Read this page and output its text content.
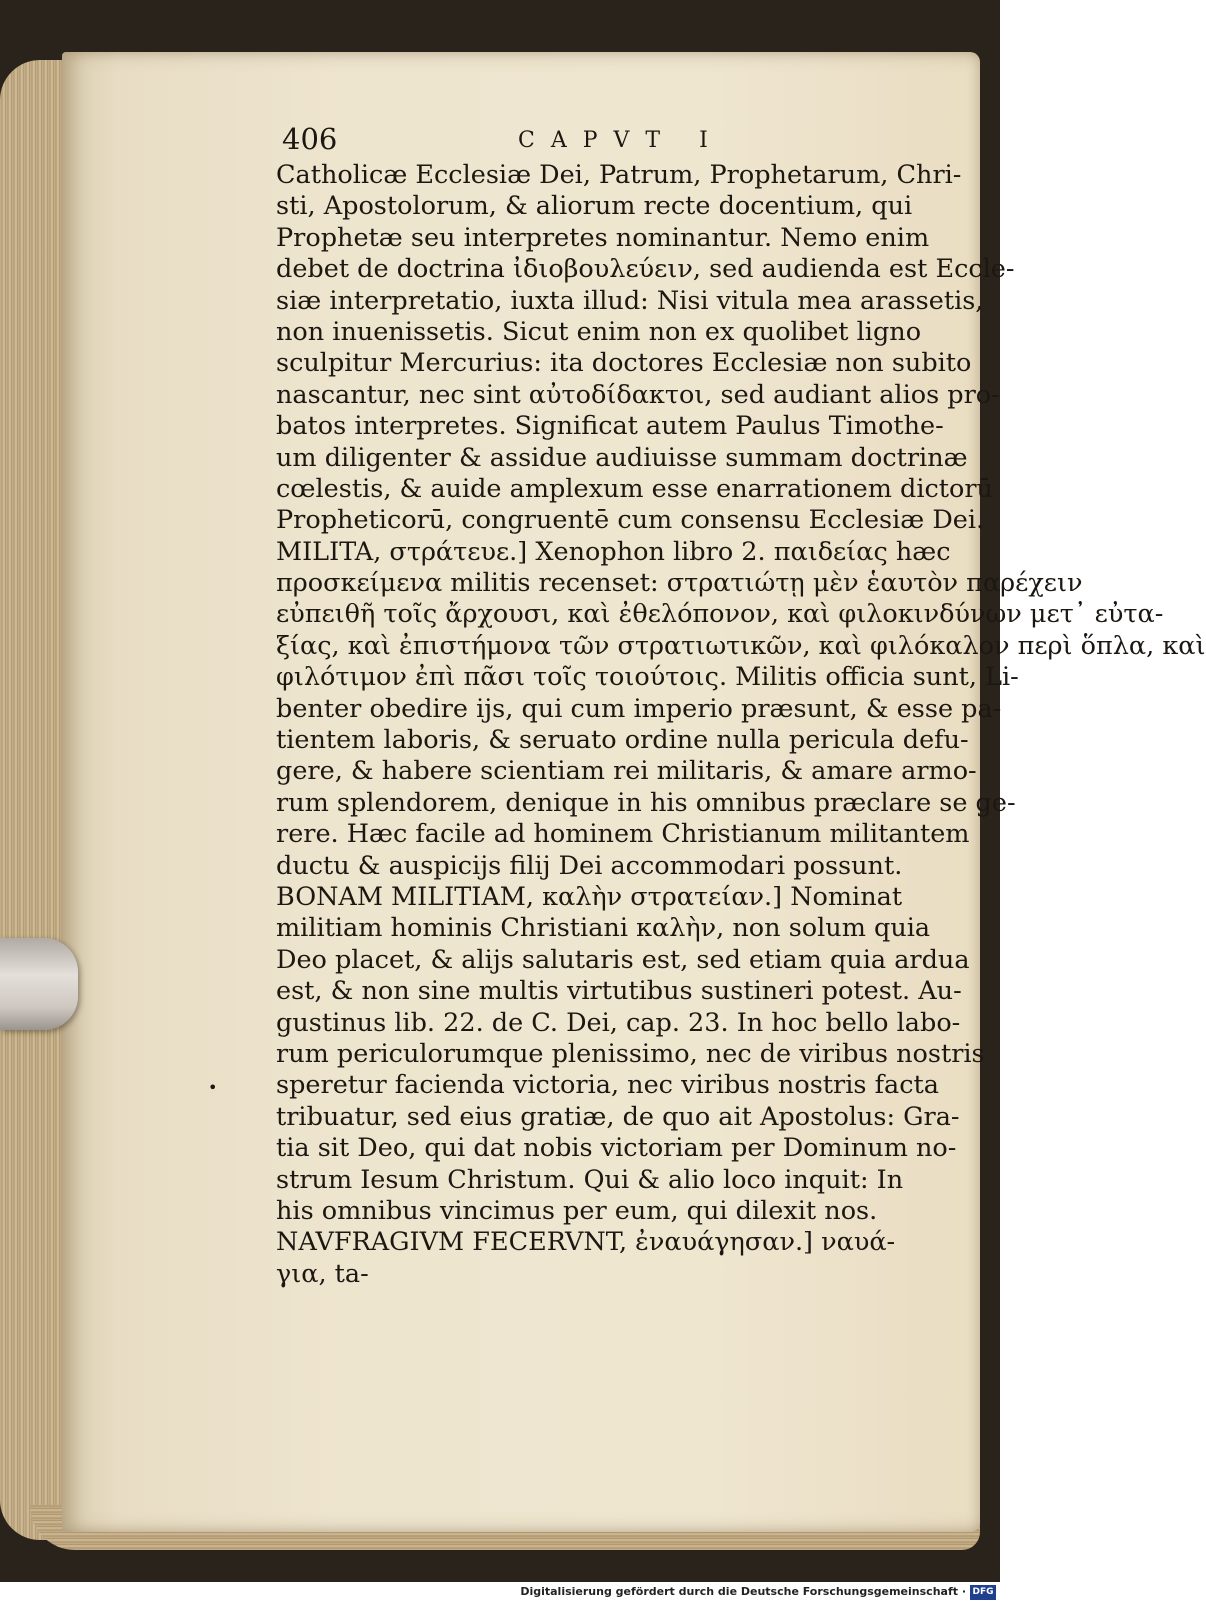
406	CAPVT I
•
Catholicæ Ecclesiæ Dei, Patrum, Prophetarum, Chri-
sti, Apostolorum, & aliorum recte docentium, qui
Prophetæ seu interpretes nominantur. Nemo enim
debet de doctrina ἰδιοβουλεύειν, sed audienda est Eccle-
siæ interpretatio, iuxta illud: Nisi vitula mea arassetis,
non inuenissetis. Sicut enim non ex quolibet ligno
sculpitur Mercurius: ita doctores Ecclesiæ non subito
nascantur, nec sint αὐτοδίδακτοι, sed audiant alios pro-
batos interpretes. Significat autem Paulus Timothe-
um diligenter & assidue audiuisse summam doctrinæ
cœlestis, & auide amplexum esse enarrationem dictorū
Propheticorū, congruentē cum consensu Ecclesiæ Dei.
MILITA, στράτευε.] Xenophon libro 2. παιδείας hæc
προσκείμενα militis recenset: στρατιώτῃ μὲν ἑαυτὸν παρέχειν
εὐπειθῆ τοῖς ἄρχουσι, καὶ ἐθελόπονον, καὶ φιλοκινδύνων μετ᾽ εὐτα-
ξίας, καὶ ἐπιστήμονα τῶν στρατιωτικῶν, καὶ φιλόκαλον περὶ ὅπλα, καὶ
φιλότιμον ἐπὶ πᾶσι τοῖς τοιούτοις. Militis officia sunt, Li-
benter obedire ijs, qui cum imperio præsunt, & esse pa-
tientem laboris, & seruato ordine nulla pericula defu-
gere, & habere scientiam rei militaris, & amare armo-
rum splendorem, denique in his omnibus præclare se ge-
rere. Hæc facile ad hominem Christianum militantem
ductu & auspicijs filij Dei accommodari possunt.
BONAM MILITIAM, καλὴν στρατείαν.] Nominat
militiam hominis Christiani καλὴν, non solum quia
Deo placet, & alijs salutaris est, sed etiam quia ardua
est, & non sine multis virtutibus sustineri potest. Au-
gustinus lib. 22. de C. Dei, cap. 23. In hoc bello labo-
rum periculorumque plenissimo, nec de viribus nostris
speretur facienda victoria, nec viribus nostris facta
tribuatur, sed eius gratiæ, de quo ait Apostolus: Gra-
tia sit Deo, qui dat nobis victoriam per Dominum no-
strum Iesum Christum. Qui & alio loco inquit: In
his omnibus vincimus per eum, qui dilexit nos.
NAVFRAGIVM FECERVNT, ἐναυάγησαν.] ναυά-
για, ta-
Digitalisierung gefördert durch die Deutsche Forschungsgemeinschaft · DFG
